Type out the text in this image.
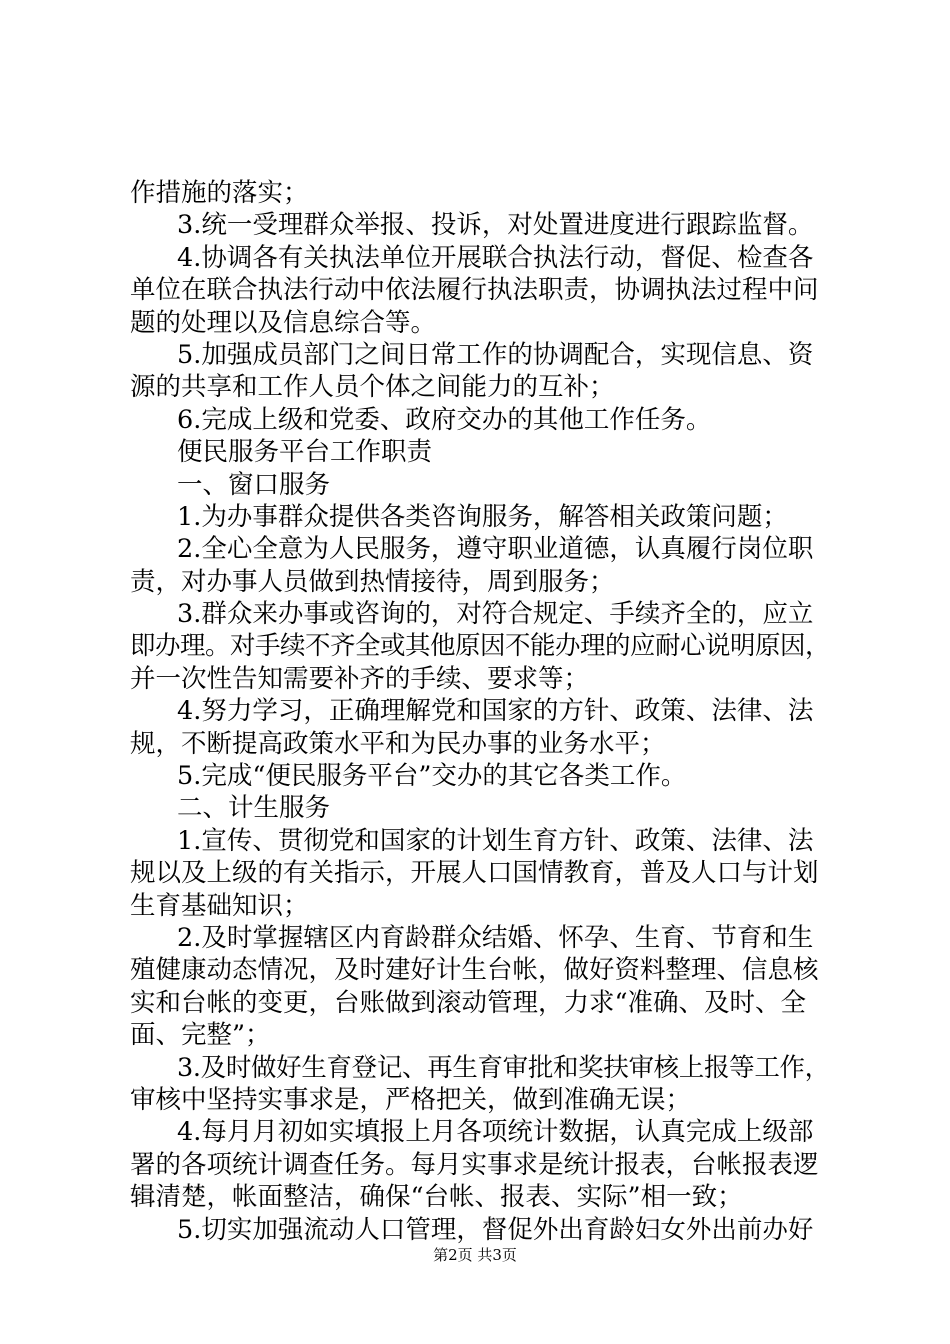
作措施的落实；
3.统一受理群众举报、投诉，对处置进度进行跟踪监督。
4.协调各有关执法单位开展联合执法行动，督促、检查各
单位在联合执法行动中依法履行执法职责，协调执法过程中问
题的处理以及信息综合等。
5.加强成员部门之间日常工作的协调配合，实现信息、资
源的共享和工作人员个体之间能力的互补；
6.完成上级和党委、政府交办的其他工作任务。
便民服务平台工作职责
一、窗口服务
1.为办事群众提供各类咨询服务，解答相关政策问题；
2.全心全意为人民服务，遵守职业道德，认真履行岗位职
责，对办事人员做到热情接待，周到服务；
3.群众来办事或咨询的，对符合规定、手续齐全的，应立
即办理。对手续不齐全或其他原因不能办理的应耐心说明原因，
并一次性告知需要补齐的手续、要求等；
4.努力学习，正确理解党和国家的方针、政策、法律、法
规，不断提高政策水平和为民办事的业务水平；
5.完成“便民服务平台”交办的其它各类工作。
二、计生服务
1.宣传、贯彻党和国家的计划生育方针、政策、法律、法
规以及上级的有关指示，开展人口国情教育，普及人口与计划
生育基础知识；
2.及时掌握辖区内育龄群众结婚、怀孕、生育、节育和生
殖健康动态情况，及时建好计生台帐，做好资料整理、信息核
实和台帐的变更，台账做到滚动管理，力求“准确、及时、全
面、完整”；
3.及时做好生育登记、再生育审批和奖扶审核上报等工作，
审核中坚持实事求是，严格把关，做到准确无误；
4.每月月初如实填报上月各项统计数据，认真完成上级部
署的各项统计调查任务。每月实事求是统计报表，台帐报表逻
辑清楚，帐面整洁，确保“台帐、报表、实际”相一致；
5.切实加强流动人口管理，督促外出育龄妇女外出前办好
第2页 共3页
